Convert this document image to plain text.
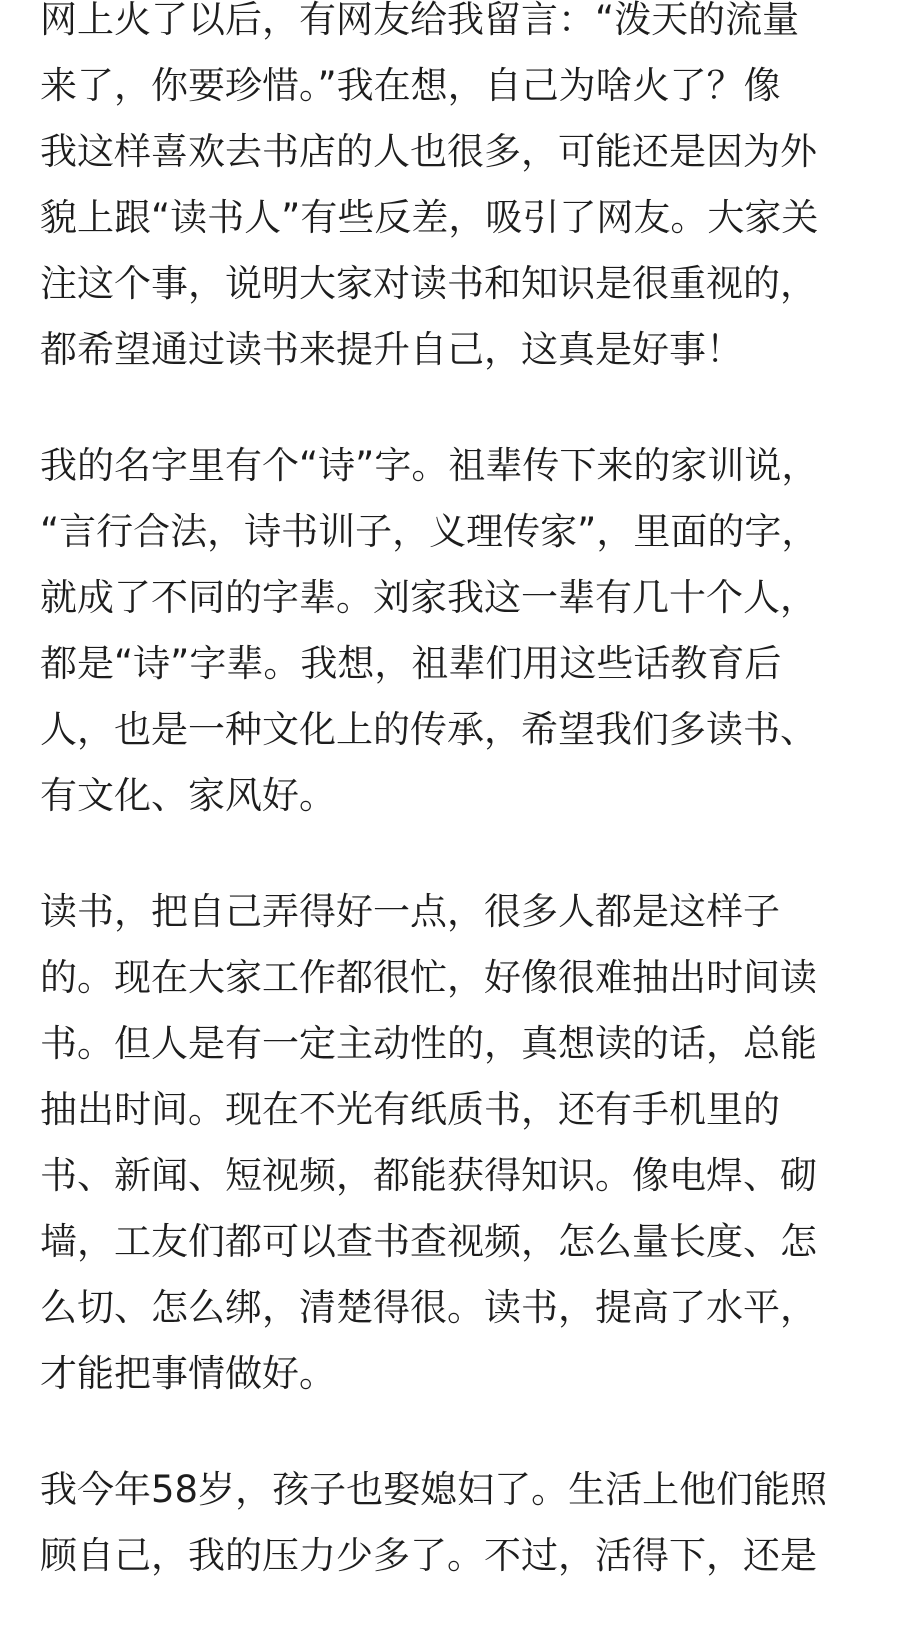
网上火了以后，有网友给我留言：“泼天的流量
来了，你要珍惜。”我在想，自己为啥火了？像
我这样喜欢去书店的人也很多，可能还是因为外
貌上跟“读书人”有些反差，吸引了网友。大家关
注这个事，说明大家对读书和知识是很重视的，
都希望通过读书来提升自己，这真是好事！
我的名字里有个“诗”字。祖辈传下来的家训说，
“言行合法，诗书训子，义理传家”，里面的字，
就成了不同的字辈。刘家我这一辈有几十个人，
都是“诗”字辈。我想，祖辈们用这些话教育后
人，也是一种文化上的传承，希望我们多读书、
有文化、家风好。
读书，把自己弄得好一点，很多人都是这样子
的。现在大家工作都很忙，好像很难抽出时间读
书。但人是有一定主动性的，真想读的话，总能
抽出时间。现在不光有纸质书，还有手机里的
书、新闻、短视频，都能获得知识。像电焊、砌
墙，工友们都可以查书查视频，怎么量长度、怎
么切、怎么绑，清楚得很。读书，提高了水平，
才能把事情做好。
我今年58岁，孩子也娶媳妇了。生活上他们能照
顾自己，我的压力少多了。不过，活得下，还是
